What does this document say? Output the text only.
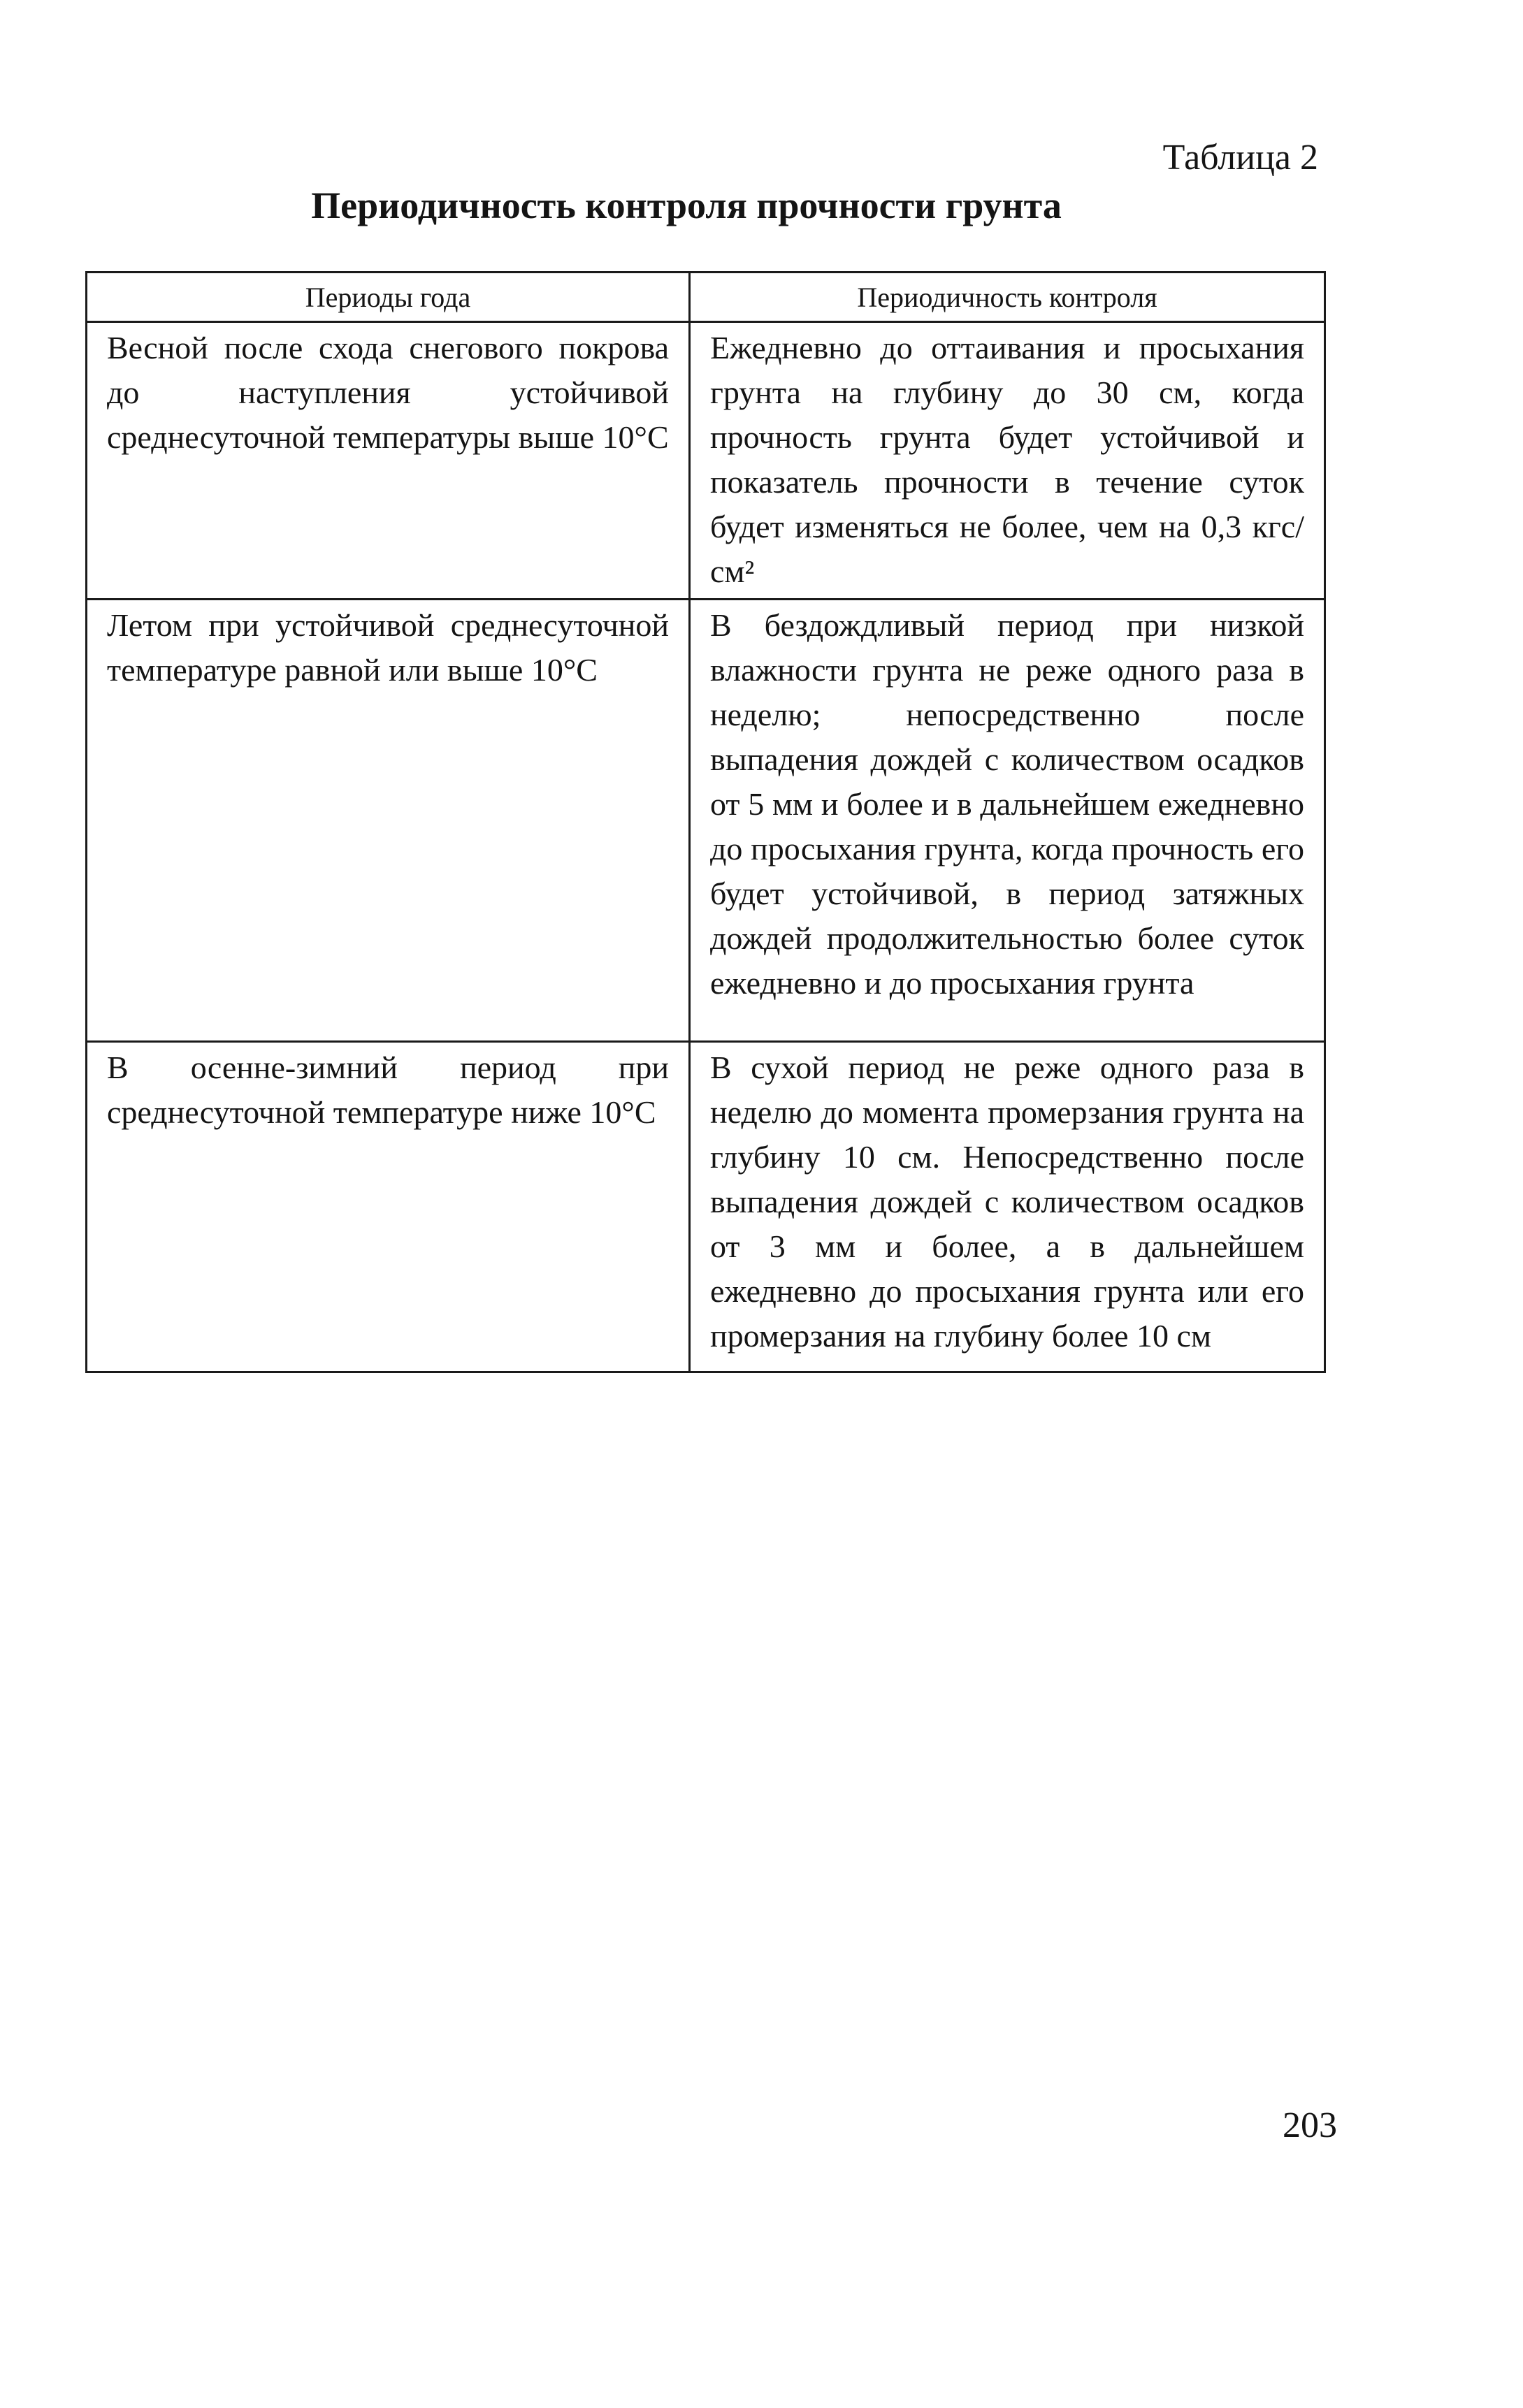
Таблица 2
Периодичность контроля прочности грунта
Периоды года	Периодичность контроля
Весной после схода снегового покрова до наступления устойчивой среднесуточной температуры выше 10°С	Ежедневно до оттаивания и просыхания грунта на глубину до 30 см, когда прочность грунта будет устойчивой и показатель прочности в течение суток будет изменяться не более, чем на 0,3 кгс/см²
Летом при устойчивой среднесуточной температуре равной или выше 10°С	В бездождливый период при низкой влажности грунта не реже одного раза в неделю; непосредственно после выпадения дождей с количеством осадков от 5 мм и более и в дальнейшем ежедневно до просыхания грунта, когда прочность его будет устойчивой, в период затяжных дождей продолжительностью более суток ежедневно и до просыхания грунта
В осенне-зимний период при среднесуточной температуре ниже 10°С	В сухой период не реже одного раза в неделю до момента промерзания грунта на глубину 10 см. Непосредственно после выпадения дождей с количеством осадков от 3 мм и более, а в дальнейшем ежедневно до просыхания грунта или его промерзания на глубину более 10 см
203
